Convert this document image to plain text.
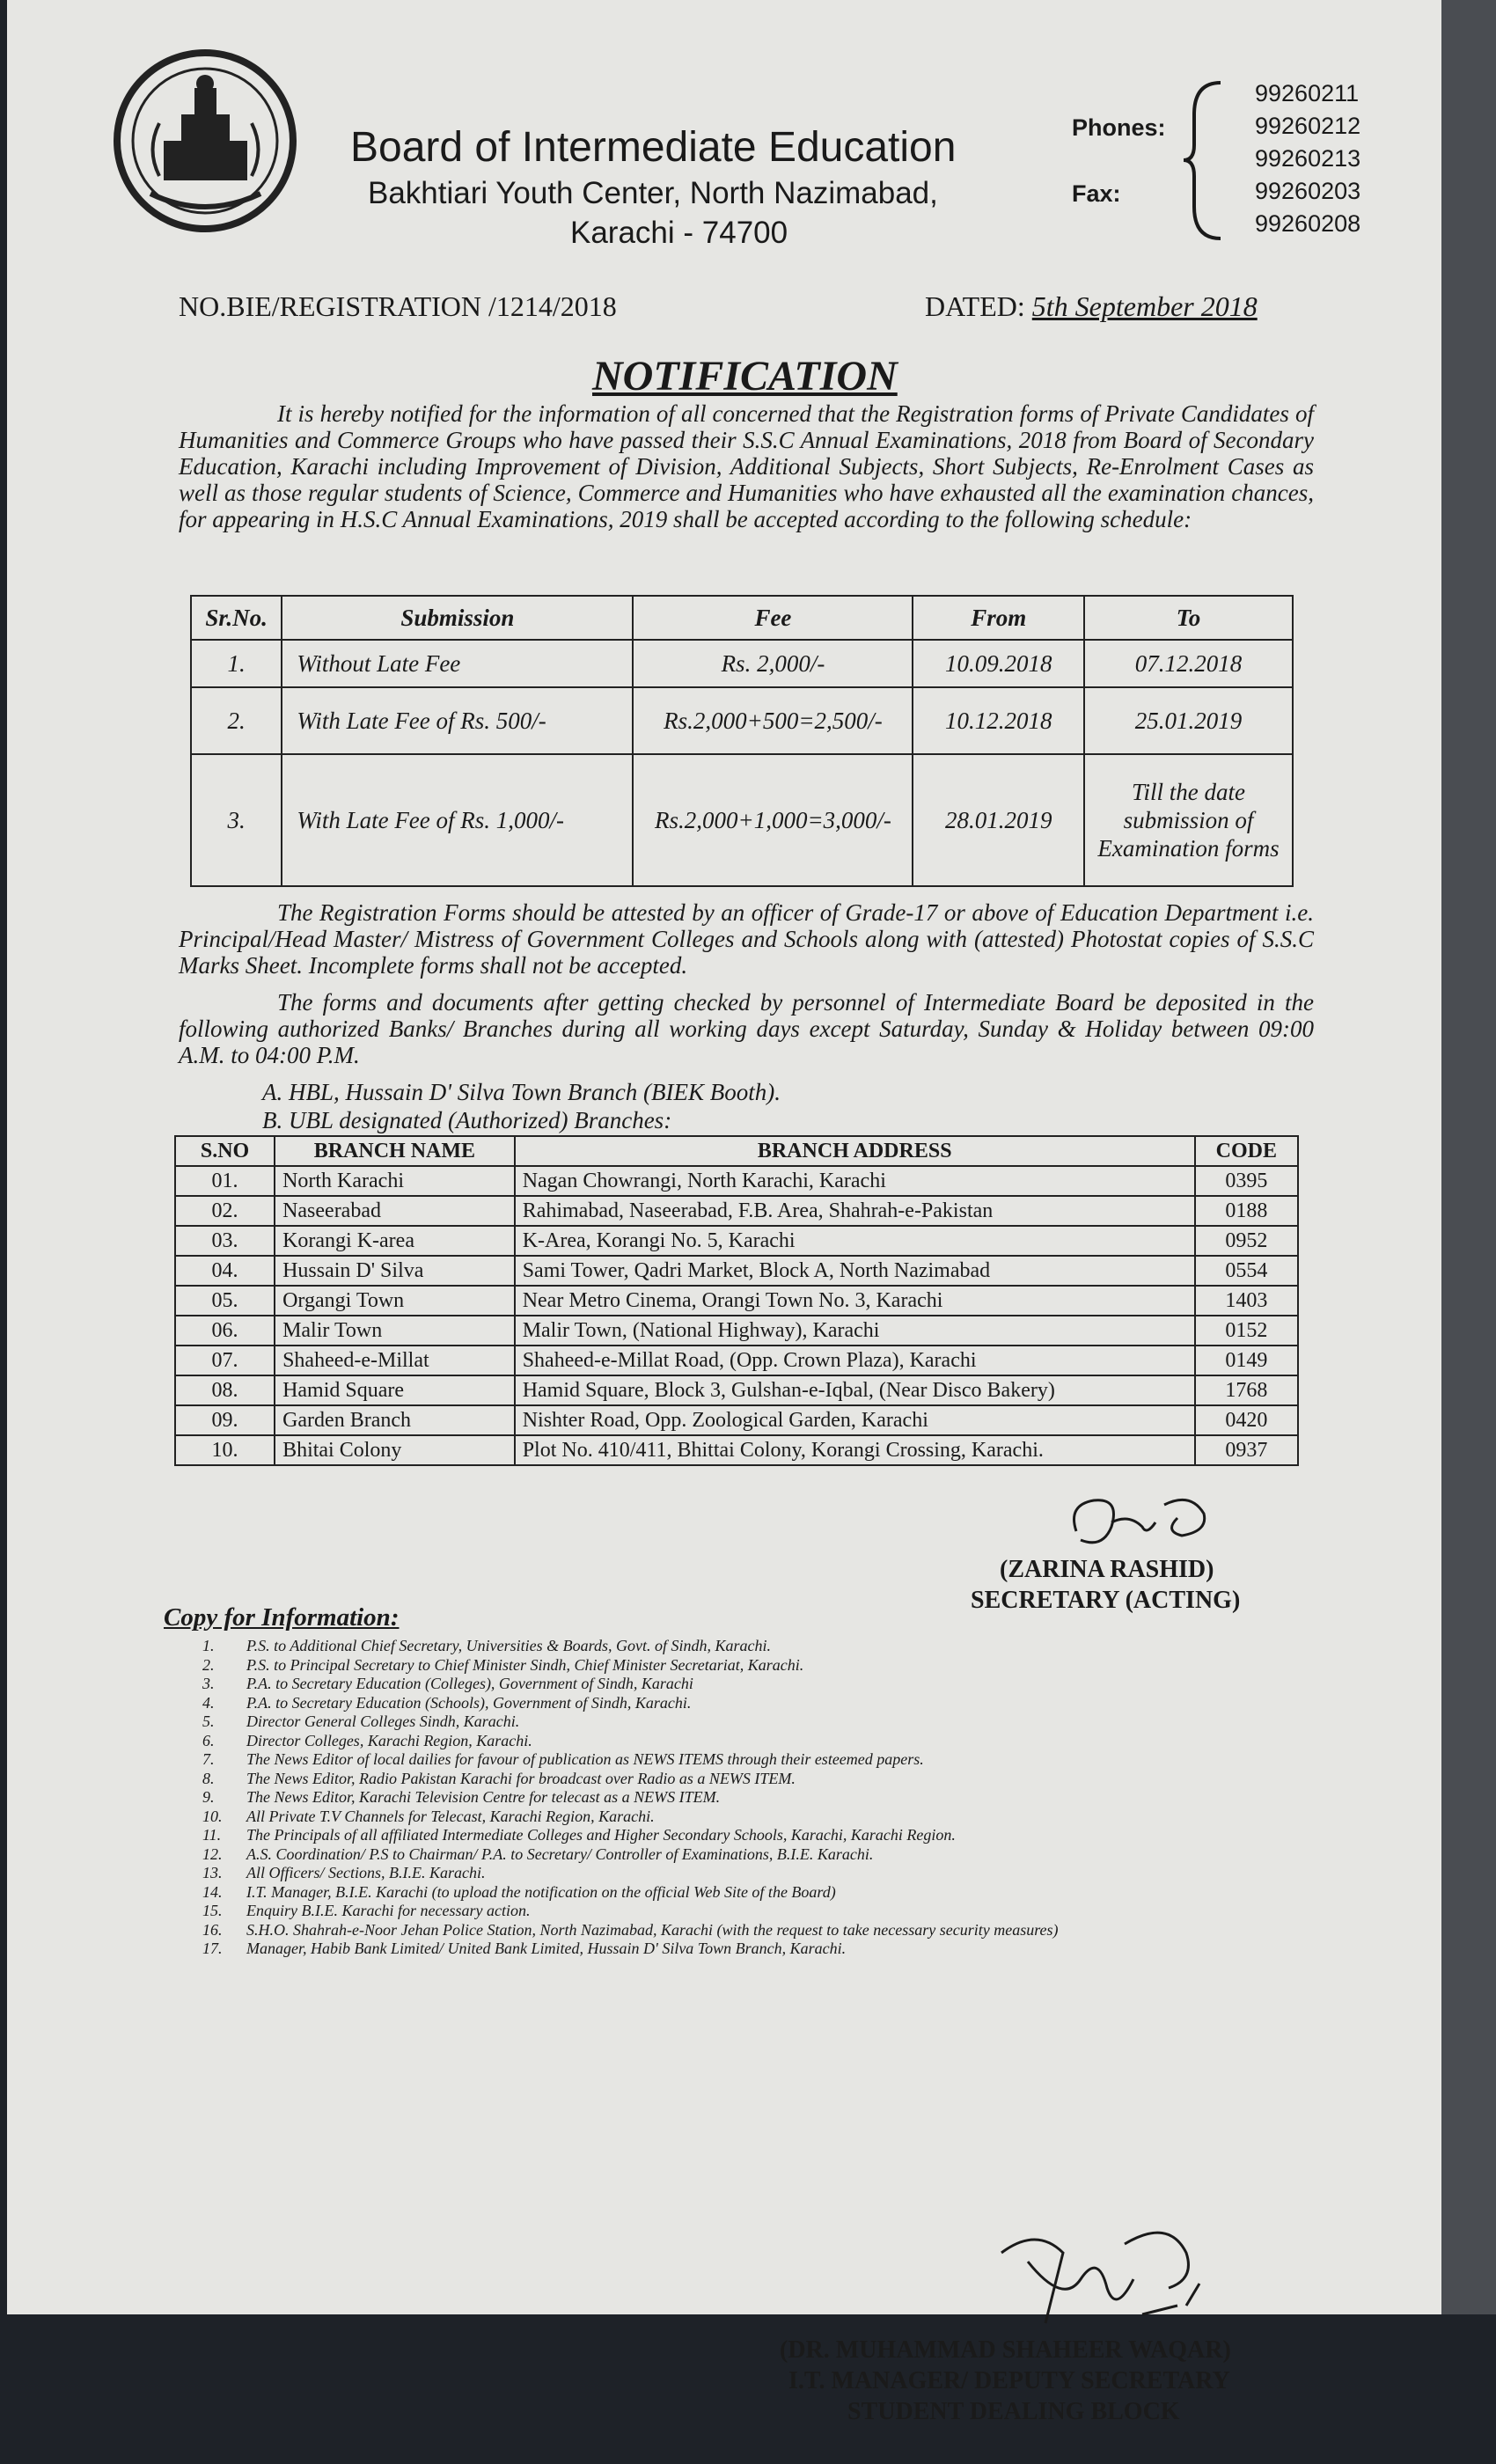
Board of Intermediate Education
Bakhtiari Youth Center, North Nazimabad,
Karachi - 74700
Phones:
Fax:
99260211
99260212
99260213
99260203
99260208
NO.BIE/REGISTRATION /1214/2018	DATED: 5th September 2018
NOTIFICATION
It is hereby notified for the information of all concerned that the Registration forms of Private Candidates of Humanities and Commerce Groups who have passed their S.S.C Annual Examinations, 2018 from Board of Secondary Education, Karachi including Improvement of Division, Additional Subjects, Short Subjects, Re-Enrolment Cases as well as those regular students of Science, Commerce and Humanities who have exhausted all the examination chances, for appearing in H.S.C Annual Examinations, 2019 shall be accepted according to the following schedule:
Sr.No.	Submission	Fee	From	To
1.	Without Late Fee	Rs. 2,000/-	10.09.2018	07.12.2018
2.	With Late Fee of Rs. 500/-	Rs.2,000+500=2,500/-	10.12.2018	25.01.2019
3.	With Late Fee of Rs. 1,000/-	Rs.2,000+1,000=3,000/-	28.01.2019	Till the date submission of Examination forms
The Registration Forms should be attested by an officer of Grade-17 or above of Education Department i.e. Principal/Head Master/ Mistress of Government Colleges and Schools along with (attested) Photostat copies of S.S.C Marks Sheet. Incomplete forms shall not be accepted.
The forms and documents after getting checked by personnel of Intermediate Board be deposited in the following authorized Banks/ Branches during all working days except Saturday, Sunday & Holiday between 09:00 A.M. to 04:00 P.M.
A. HBL, Hussain D' Silva Town Branch (BIEK Booth).
B. UBL designated (Authorized) Branches:
S.NO	BRANCH NAME	BRANCH ADDRESS	CODE
01.	North Karachi	Nagan Chowrangi, North Karachi, Karachi	0395
02.	Naseerabad	Rahimabad, Naseerabad, F.B. Area, Shahrah-e-Pakistan	0188
03.	Korangi K-area	K-Area, Korangi No. 5, Karachi	0952
04.	Hussain D' Silva	Sami Tower, Qadri Market, Block A, North Nazimabad	0554
05.	Organgi Town	Near Metro Cinema, Orangi Town No. 3, Karachi	1403
06.	Malir Town	Malir Town, (National Highway), Karachi	0152
07.	Shaheed-e-Millat	Shaheed-e-Millat Road, (Opp. Crown Plaza), Karachi	0149
08.	Hamid Square	Hamid Square, Block 3, Gulshan-e-Iqbal, (Near Disco Bakery)	1768
09.	Garden Branch	Nishter Road, Opp. Zoological Garden, Karachi	0420
10.	Bhitai Colony	Plot No. 410/411, Bhittai Colony, Korangi Crossing, Karachi.	0937
(ZARINA RASHID)
SECRETARY (ACTING)
Copy for Information:
1.	P.S. to Additional Chief Secretary, Universities & Boards, Govt. of Sindh, Karachi.
2.	P.S. to Principal Secretary to Chief Minister Sindh, Chief Minister Secretariat, Karachi.
3.	P.A. to Secretary Education (Colleges), Government of Sindh, Karachi
4.	P.A. to Secretary Education (Schools), Government of Sindh, Karachi.
5.	Director General Colleges Sindh, Karachi.
6.	Director Colleges, Karachi Region, Karachi.
7.	The News Editor of local dailies for favour of publication as NEWS ITEMS through their esteemed papers.
8.	The News Editor, Radio Pakistan Karachi for broadcast over Radio as a NEWS ITEM.
9.	The News Editor, Karachi Television Centre for telecast as a NEWS ITEM.
10.	All Private T.V Channels for Telecast, Karachi Region, Karachi.
11.	The Principals of all affiliated Intermediate Colleges and Higher Secondary Schools, Karachi, Karachi Region.
12.	A.S. Coordination/ P.S to Chairman/ P.A. to Secretary/ Controller of Examinations, B.I.E. Karachi.
13.	All Officers/ Sections, B.I.E. Karachi.
14.	I.T. Manager, B.I.E. Karachi (to upload the notification on the official Web Site of the Board)
15.	Enquiry B.I.E. Karachi for necessary action.
16.	S.H.O. Shahrah-e-Noor Jehan Police Station, North Nazimabad, Karachi (with the request to take necessary security measures)
17.	Manager, Habib Bank Limited/ United Bank Limited, Hussain D' Silva Town Branch, Karachi.
(DR. MUHAMMAD SHAHEER WAQAR)
I.T. MANAGER/ DEPUTY SECRETARY
STUDENT DEALING BLOCK
